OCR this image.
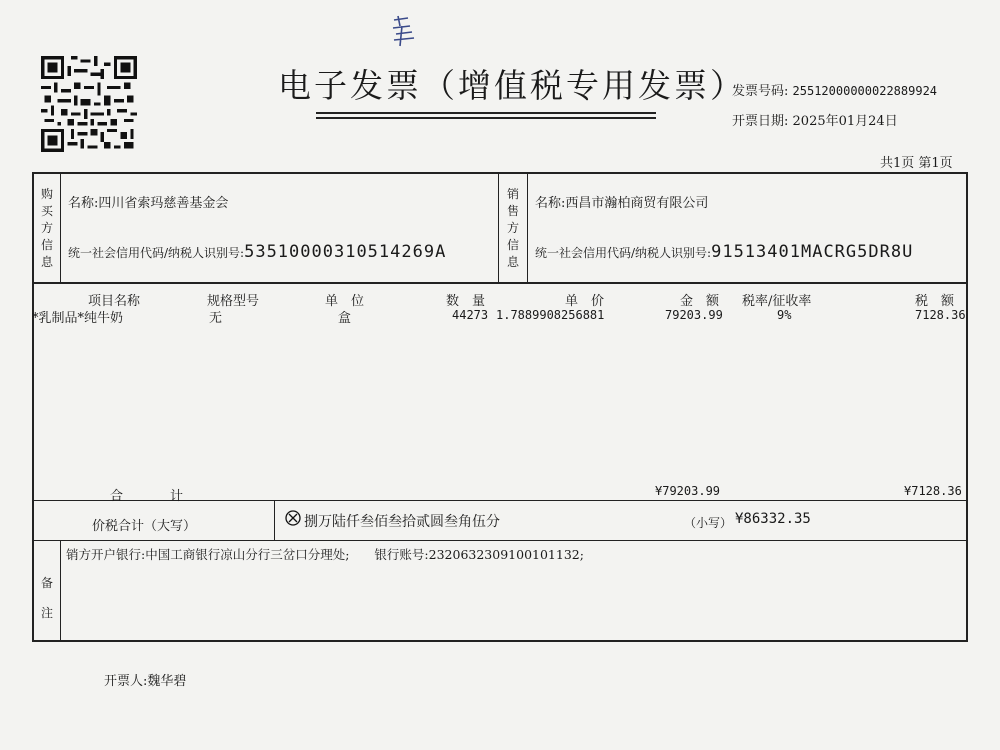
电子发票（增值税专用发票）
发票号码: 25512000000022889924
开票日期: 2025年01月24日
共1页 第1页
购
买
方
信
息
名称:四川省索玛慈善基金会
统一社会信用代码/纳税人识别号:53510000310514269A
销
售
方
信
息
名称:西昌市瀚柏商贸有限公司
统一社会信用代码/纳税人识别号:91513401MACRG5DR8U
项目名称	规格型号	单　位	数　量	单　价	金　额 税率/征收率	税　额
*乳制品*纯牛奶	无	盒	44273 1.7889908256881	79203.99	9%	7128.36
合　　　计	¥79203.99	¥7128.36
价税合计（大写）	捌万陆仟叁佰叁拾贰圆叁角伍分	（小写） ¥86332.35
备
注
销方开户银行:中国工商银行凉山分行三岔口分理处;　　银行账号:2320632309100101132;
开票人:魏华碧
